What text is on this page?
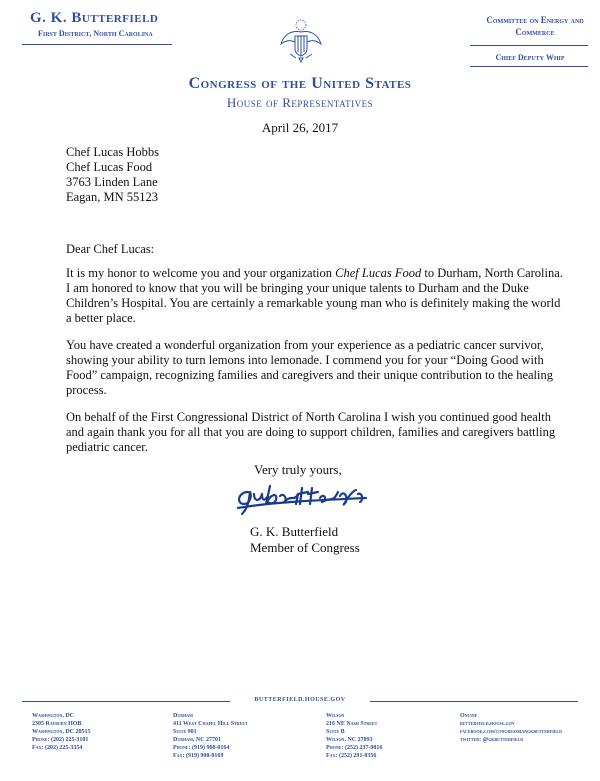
G. K. Butterfield
First District, North Carolina
Committee on Energy and Commerce
Chief Deputy Whip
Congress of the United States
House of Representatives
April 26, 2017
Chef Lucas Hobbs
Chef Lucas Food
3763 Linden Lane
Eagan, MN 55123
Dear Chef Lucas:
It is my honor to welcome you and your organization Chef Lucas Food to Durham, North Carolina. I am honored to know that you will be bringing your unique talents to Durham and the Duke Children’s Hospital. You are certainly a remarkable young man who is definitely making the world a better place.
You have created a wonderful organization from your experience as a pediatric cancer survivor, showing your ability to turn lemons into lemonade. I commend you for your “Doing Good with Food” campaign, recognizing families and caregivers and their unique contribution to the healing process.
On behalf of the First Congressional District of North Carolina I wish you continued good health and again thank you for all that you are doing to support children, families and caregivers battling pediatric cancer.
Very truly yours,
G. K. Butterfield
Member of Congress
BUTTERFIELD.HOUSE.GOV
Washington, DC
2305 Rayburn HOB
Washington, DC 20515
Phone: (202) 225-3101
Fax: (202) 225-3354
Durham
411 West Chapel Hill Street
Suite 901
Durham, NC 27701
Phone: (919) 908-0164
Fax: (919) 908-0169
Wilson
216 NE Nash Street
Suite B
Wilson, NC 27893
Phone: (252) 237-9816
Fax: (252) 291-0356
Online
butterfield.house.gov
facebook.com/congressmangkbutterfield
twitter: @gkbutterfield
